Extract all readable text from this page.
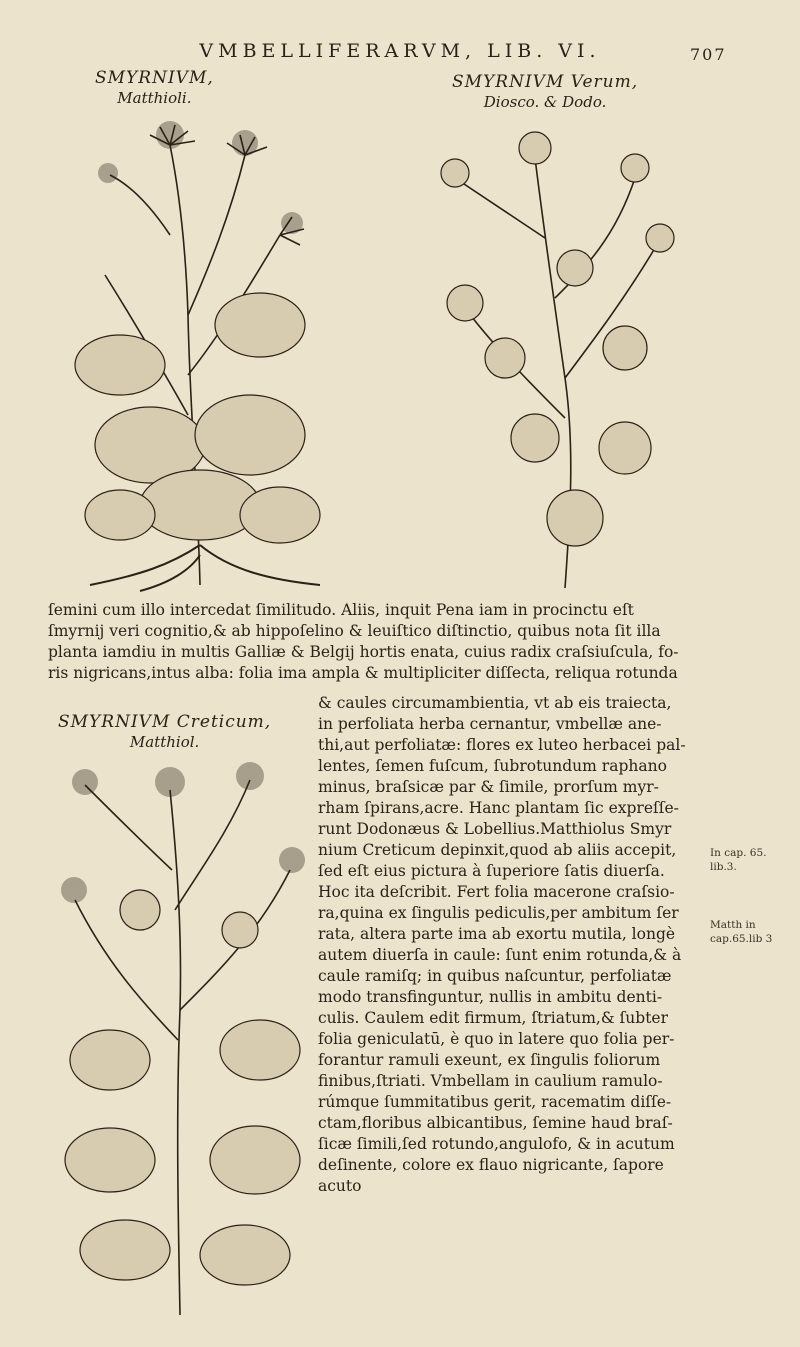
VMBELLIFERARVM, LIB. VI.	707
SMYRNIVM,
Matthioli.
SMYRNIVM Verum,
Diosco. & Dodo.

ſemini cum illo intercedat ſimilitudo. Aliis, inquit Pena iam in procinctu eſt

ſmyrnij veri cognitio,& ab hippoſelino & leuiſtico diſtinctio, quibus nota ſit illa

planta iamdiu in multis Galliæ & Belgij hortis enata, cuius radix craſsiuſcula, fo-

ris nigricans,intus alba: folia ima ampla & multipliciter diſſecta, reliqua rotunda

SMYRNIVM Creticum,
Matthiol.

& caules circumambientia, vt ab eis traiecta,

in perfoliata herba cernantur, vmbellæ ane-

thi,aut perfoliatæ: flores ex luteo herbacei pal-

lentes, ſemen fuſcum, ſubrotundum raphano

minus, braſsicæ par & ſimile, prorſum myr-

rham ſpirans,acre. Hanc plantam ſic expreſſe-

runt Dodonæus & Lobellius.Matthiolus Smyr

nium Creticum depinxit,quod ab aliis accepit,

ſed eſt eius pictura à ſuperiore ſatis diuerſa.

Hoc ita deſcribit. Fert folia macerone craſsio-

ra,quina ex ſingulis pediculis,per ambitum ſer

rata, altera parte ima ab exortu mutila, longè

autem diuerſa in caule: ſunt enim rotunda,& à

caule ramiſq; in quibus naſcuntur, perfoliatæ

modo transfinguntur, nullis in ambitu denti-

culis. Caulem edit firmum, ſtriatum,& ſubter

folia geniculatū, è quo in latere quo folia per-

forantur ramuli exeunt, ex ſingulis foliorum

finibus,ſtriati. Vmbellam in caulium ramulo-

rúmque ſummitatibus gerit, racematim diſſe-

ctam,floribus albicantibus, ſemine haud braſ-

ſicæ ſimili,ſed rotundo,angulofo, & in acutum

deſinente, colore ex flauo nigricante, ſapore

acuto

In cap. 65.
lib.3.
Matth in
cap.65.lib 3
